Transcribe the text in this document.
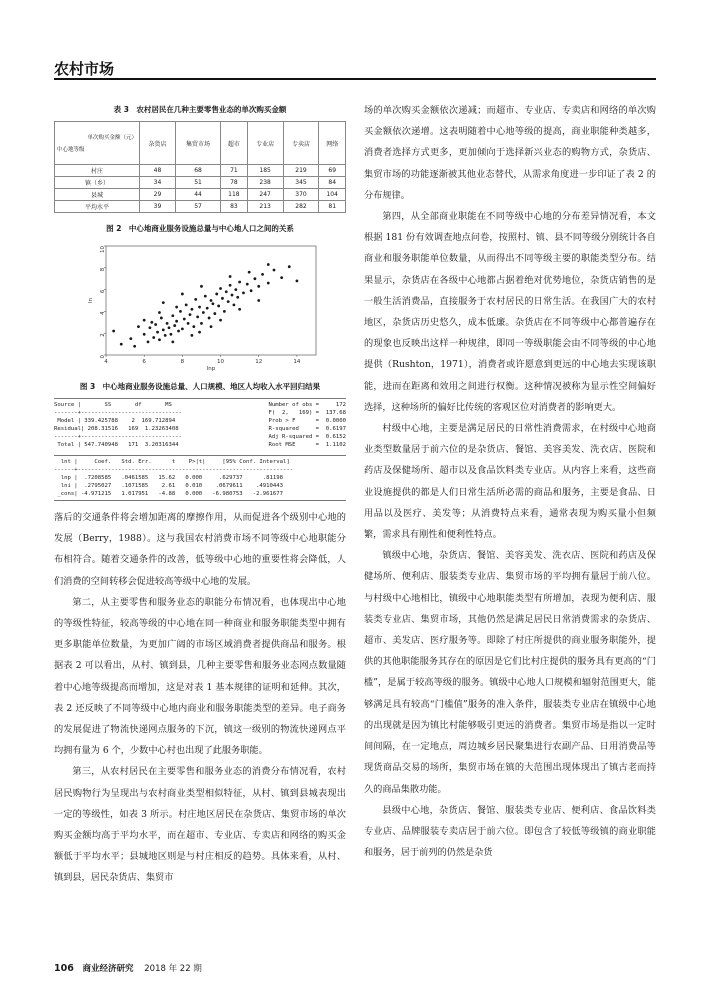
农村市场
表 3　农村居民在几种主要零售业态的单次购买金额
单次购买金额（元）
中心地等级	杂货店	集贸市场	超市	专业店	专卖店	网络
村庄	48	68	71	185	219	69
镇（乡）	34	51	78	238	345	84
县城	29	44	118	247	370	104
平均水平	39	57	83	213	282	81
图 2　中心地商业服务设施总量与中心地人口之间的关系
4	6	8	10	12	14
0
2
4
6
8
10
lnp
ln
图 3　中心地商业服务设施总量、人口规模、地区人均收入水平回归结果
Source |       SS       df       MS
-------+------------------------------
Model | 339.425788    2  169.712894
Residual| 208.31516   169  1.23263408
-------+------------------------------
Total | 547.740948   171  3.20316344
Number of obs =     172
F(  2,   169) =  137.68
Prob > F      =  0.0000
R-squared     =  0.6197
Adj R-squared =  0.6152
Root MSE      =  1.1102
lnt |     Coef.   Std. Err.      t    P>|t|     [95% Conf. Interval]
------+----------------------------------------------------------------
lnp |  .7208585   .0461585   15.62   0.000     .629737      .81198
lni |  .2795027   .1071585    2.61   0.010    .0679611    .4910443
_cons| -4.971215   1.017951   -4.88   0.000   -6.980753   -2.961677

落后的交通条件将会增加距离的摩擦作用，从而促进各个级别中心地的发展（Berry，1988）。这与我国农村消费市场不同等级中心地职能分布相符合。随着交通条件的改善，低等级中心地的重要性将会降低，人们消费的空间转移会促进较高等级中心地的发展。

第二，从主要零售和服务业态的职能分布情况看，也体现出中心地的等级性特征，较高等级的中心地在同一种商业和服务职能类型中拥有更多职能单位数量，为更加广阔的市场区域消费者提供商品和服务。根据表 2 可以看出，从村、镇到县，几种主要零售和服务业态网点数量随着中心地等级提高而增加，这是对表 1 基本规律的证明和延伸。其次，表 2 还反映了不同等级中心地内商业和服务职能类型的差异。电子商务的发展促进了物流快递网点服务的下沉，镇这一级别的物流快递网点平均拥有量为 6 个，少数中心村也出现了此服务职能。

第三，从农村居民在主要零售和服务业态的消费分布情况看，农村居民购物行为呈现出与农村商业类型相似特征，从村、镇到县城表现出一定的等级性，如表 3 所示。村庄地区居民在杂货店、集贸市场的单次购买金额均高于平均水平，而在超市、专业店、专卖店和网络的购买金额低于平均水平；县城地区则是与村庄相反的趋势。具体来看，从村、镇到县，居民杂货店、集贸市

场的单次购买金额依次递减；而超市、专业店、专卖店和网络的单次购买金额依次递增。这表明随着中心地等级的提高，商业职能种类越多，消费者选择方式更多，更加倾向于选择新兴业态的购物方式，杂货店、集贸市场的功能逐渐被其他业态替代，从需求角度进一步印证了表 2 的分布规律。

第四，从全部商业职能在不同等级中心地的分布差异情况看，本文根据 181 份有效调查地点问卷，按照村、镇、县不同等级分别统计各自商业和服务职能单位数量，从而得出不同等级主要的职能类型分布。结果显示，杂货店在各级中心地都占据着绝对优势地位，杂货店销售的是一般生活消费品，直接服务于农村居民的日常生活。在我国广大的农村地区，杂货店历史悠久，成本低廉。杂货店在不同等级中心都普遍存在的现象也反映出这样一种规律，即同一等级职能会由不同等级的中心地提供（Rushton，1971），消费者或许愿意到更远的中心地去实现该职能，进而在距离和效用之间进行权衡。这种情况被称为显示性空间偏好选择，这种场所的偏好比传统的客观区位对消费者的影响更大。

村级中心地，主要是满足居民的日常性消费需求，在村级中心地商业类型数量居于前六位的是杂货店、餐馆、美容美发、洗衣店、医院和药店及保健场所、超市以及食品饮料类专业店。从内容上来看，这些商业设施提供的都是人们日常生活所必需的商品和服务，主要是食品、日用品以及医疗、美发等；从消费特点来看，通常表现为购买量小但频繁，需求具有刚性和便利性特点。

镇级中心地，杂货店、餐馆、美容美发、洗衣店、医院和药店及保健场所、便利店、服装类专业店、集贸市场的平均拥有量居于前八位。与村级中心地相比，镇级中心地职能类型有所增加，表现为便利店、服装类专业店、集贸市场，其他仍然是满足居民日常消费需求的杂货店、超市、美发店、医疗服务等。即除了村庄所提供的商业服务职能外，提供的其他职能服务其存在的原因是它们比村庄提供的服务具有更高的“门槛”，是属于较高等级的服务。镇级中心地人口规模和辐射范围更大，能够满足具有较高“门槛值”服务的准入条件，服装类专业店在镇级中心地的出现就是因为镇比村能够吸引更远的消费者。集贸市场是指以一定时间间隔，在一定地点，周边城乡居民聚集进行农副产品、日用消费品等现货商品交易的场所，集贸市场在镇的大范围出现体现出了镇古老而持久的商品集散功能。

县级中心地，杂货店、餐馆、服装类专业店、便利店、食品饮料类专业店、品牌服装专卖店居于前六位。即包含了较低等级镇的商业职能和服务，居于前列的仍然是杂货

106 商业经济研究 2018 年 22 期
